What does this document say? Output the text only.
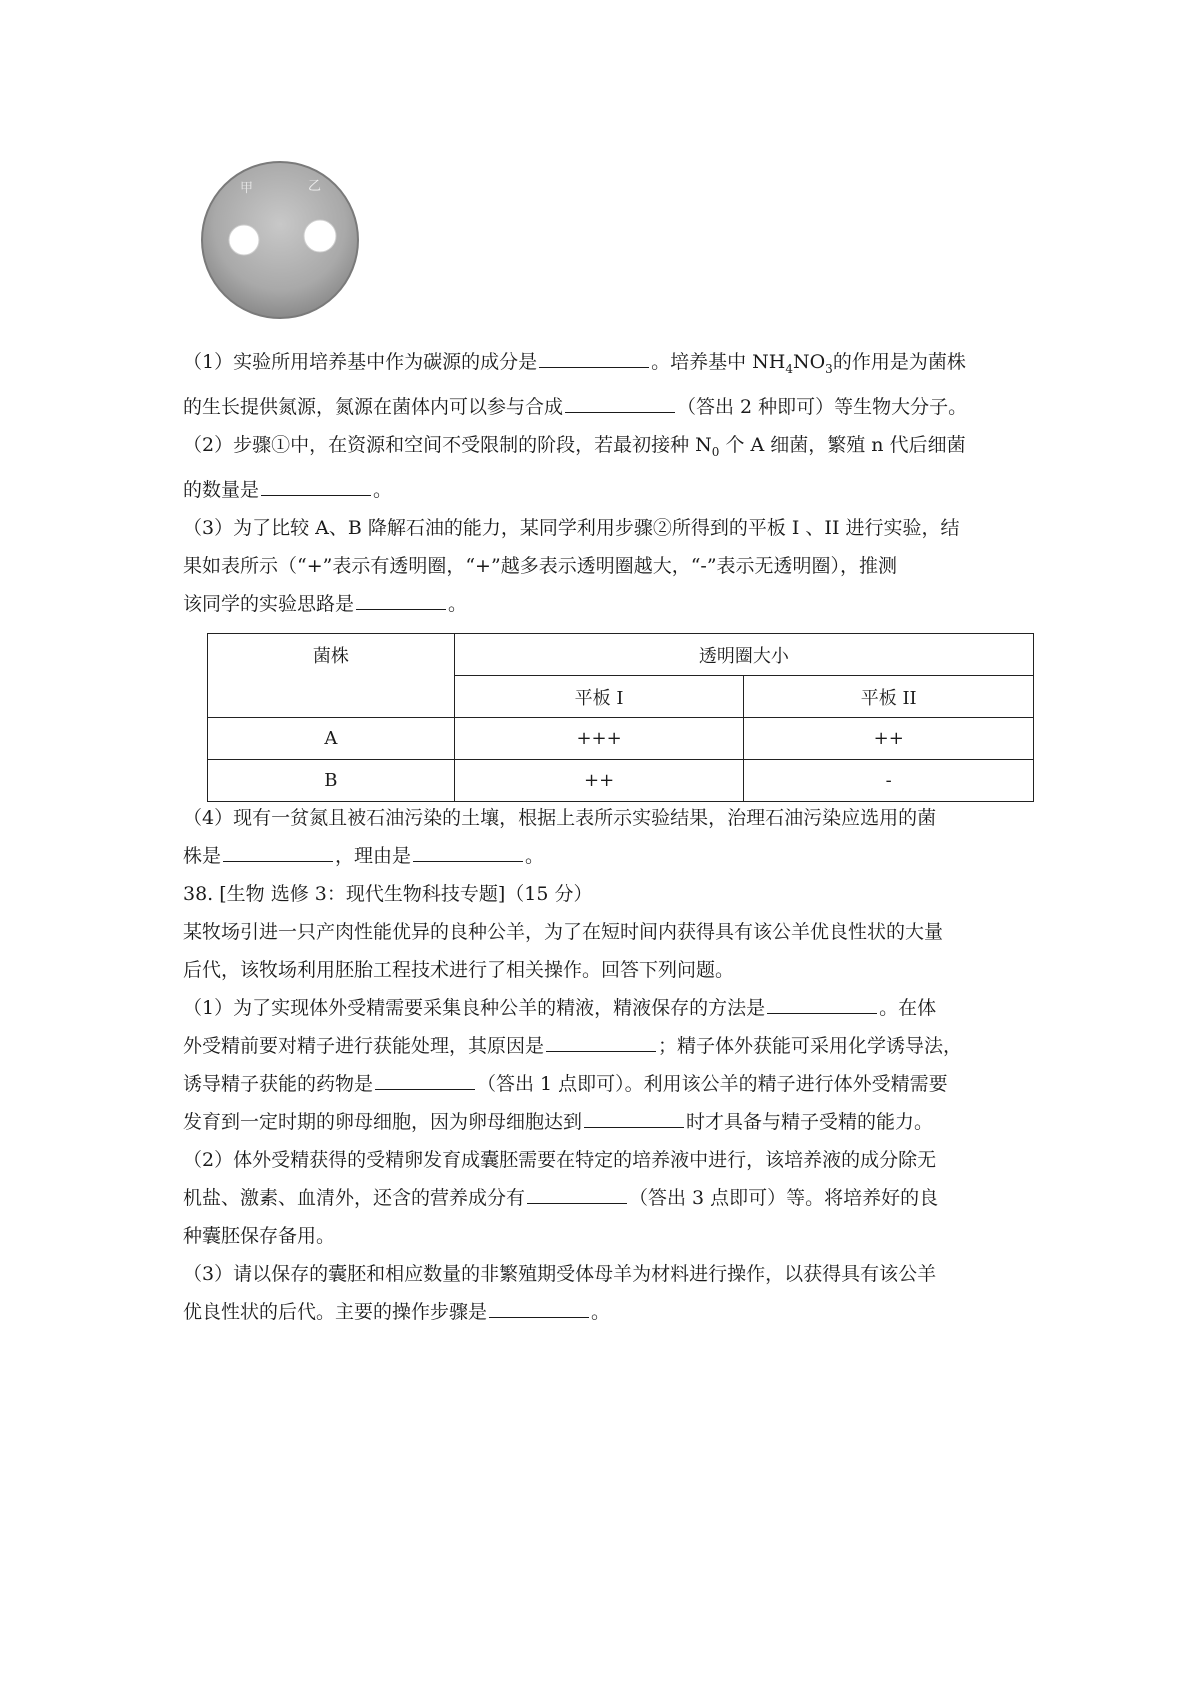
甲	乙

（1）实验所用培养基中作为碳源的成分是	。培养基中 $NH_4NO_3$的作用是为菌株
的生长提供氮源，氮源在菌体内可以参与合成	（答出 2 种即可）等生物大分子。

（2）步骤①中，在资源和空间不受限制的阶段，若最初接种 $N_0$ 个 A 细菌，繁殖 n 代后细菌
的数量是	。

（3）为了比较 A、B 降解石油的能力，某同学利用步骤②所得到的平板 I 、II 进行实验，结
果如表所示（“+”表示有透明圈，“+”越多表示透明圈越大，“-”表示无透明圈），推测
该同学的实验思路是	。

菌株	透明圈大小	
	平板 I	平板 II
A	+++	++
B	++	-

（4）现有一贫氮且被石油污染的土壤，根据上表所示实验结果，治理石油污染应选用的菌
株是	，理由是	。

38. [生物 选修 3：现代生物科技专题]（15 分）

某牧场引进一只产肉性能优异的良种公羊，为了在短时间内获得具有该公羊优良性状的大量
后代，该牧场利用胚胎工程技术进行了相关操作。回答下列问题。

（1）为了实现体外受精需要采集良种公羊的精液，精液保存的方法是	。在体
外受精前要对精子进行获能处理，其原因是	；精子体外获能可采用化学诱导法，
诱导精子获能的药物是	（答出 1 点即可）。利用该公羊的精子进行体外受精需要
发育到一定时期的卵母细胞，因为卵母细胞达到	时才具备与精子受精的能力。

（2）体外受精获得的受精卵发育成囊胚需要在特定的培养液中进行，该培养液的成分除无
机盐、激素、血清外，还含的营养成分有	（答出 3 点即可）等。将培养好的良
种囊胚保存备用。

（3）请以保存的囊胚和相应数量的非繁殖期受体母羊为材料进行操作，以获得具有该公羊
优良性状的后代。主要的操作步骤是	。
